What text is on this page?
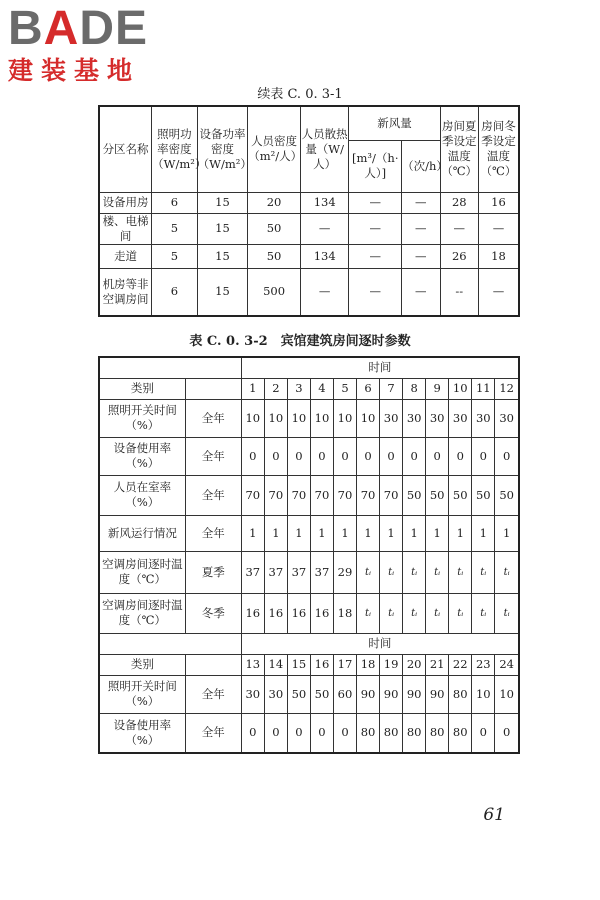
BADE
建装基地
续表 C. 0. 3-1
分区名称	照明功率密度（W/m²）	设备功率密度（W/m²）	人员密度（m²/人）	人员散热量（W/人）	新风量		房间夏季设定温度（℃）	房间冬季设定温度（℃）
					[m³/（h·人）]	（次/h）		
设备用房	6	15	20	134	—	—	28	16
楼、电梯间	5	15	50	—	—	—	—	—
走道	5	15	50	134	—	—	26	18
机房等非空调房间	6	15	500	—	—	—	--	—
表 C. 0. 3-2　宾馆建筑房间逐时参数
		时间											
类别		1	2	3	4	5	6	7	8	9	10	11	12
照明开关时间（%）	全年	10	10	10	10	10	10	30	30	30	30	30	30
设备使用率（%）	全年	0	0	0	0	0	0	0	0	0	0	0	0
人员在室率（%）	全年	70	70	70	70	70	70	70	50	50	50	50	50
新风运行情况	全年	1	1	1	1	1	1	1	1	1	1	1	1
空调房间逐时温度（℃）	夏季	37	37	37	37	29	tᵢ	tᵢ	tᵢ	tᵢ	tᵢ	tᵢ	tᵢ
空调房间逐时温度（℃）	冬季	16	16	16	16	18	tᵢ	tᵢ	tᵢ	tᵢ	tᵢ	tᵢ	tᵢ
		时间											
类别		13	14	15	16	17	18	19	20	21	22	23	24
照明开关时间（%）	全年	30	30	50	50	60	90	90	90	90	80	10	10
设备使用率（%）	全年	0	0	0	0	0	80	80	80	80	80	0	0
61
